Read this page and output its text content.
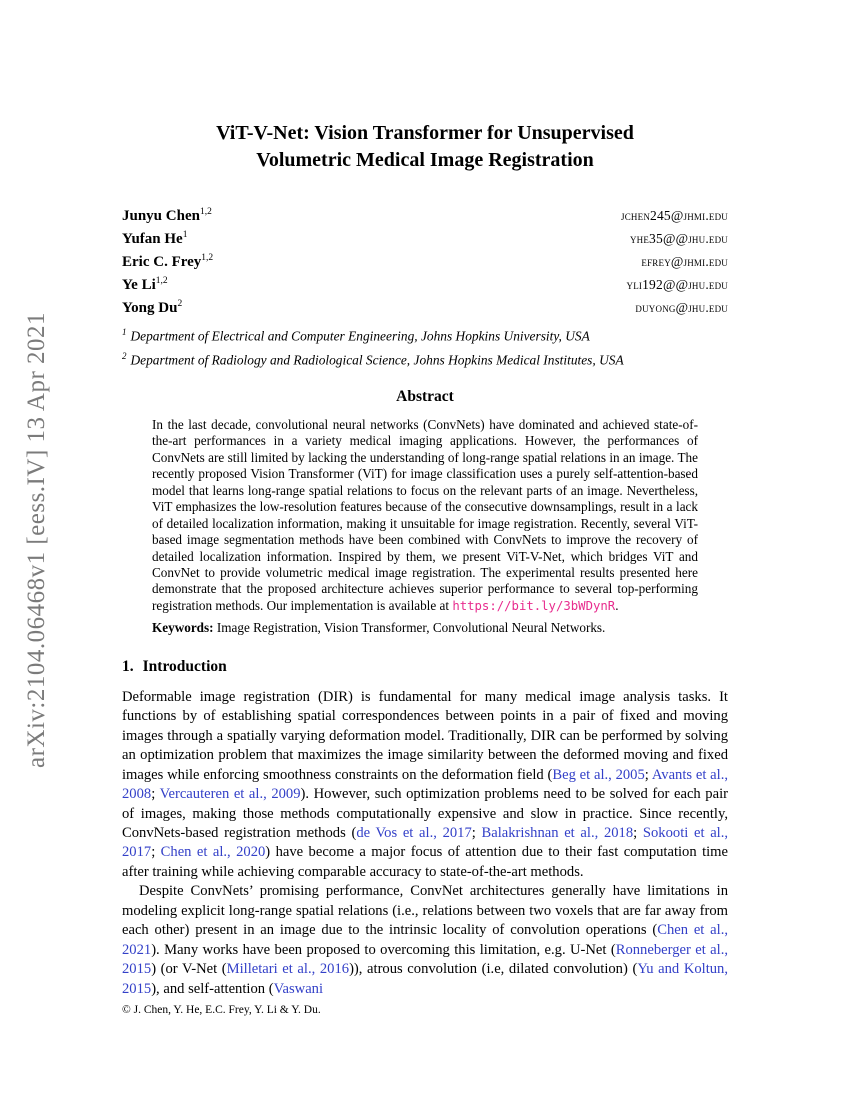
arXiv:2104.06468v1 [eess.IV] 13 Apr 2021
ViT-V-Net: Vision Transformer for Unsupervised
Volumetric Medical Image Registration
Junyu Chen$^{1,2}$	jchen245@jhmi.edu
Yufan He$^1$	yhe35@@jhu.edu
Eric C. Frey$^{1,2}$	efrey@jhmi.edu
Ye Li$^{1,2}$	yli192@@jhu.edu
Yong Du$^2$	duyong@jhu.edu
$^1$ Department of Electrical and Computer Engineering, Johns Hopkins University, USA
$^2$ Department of Radiology and Radiological Science, Johns Hopkins Medical Institutes, USA
Abstract

In the last decade, convolutional neural networks (ConvNets) have dominated and achieved state-of-the-art performances in a variety medical imaging applications. However, the performances of ConvNets are still limited by lacking the understanding of long-range spatial relations in an image. The recently proposed Vision Transformer (ViT) for image classification uses a purely self-attention-based model that learns long-range spatial relations to focus on the relevant parts of an image. Nevertheless, ViT emphasizes the low-resolution features because of the consecutive downsamplings, result in a lack of detailed localization information, making it unsuitable for image registration. Recently, several ViT-based image segmentation methods have been combined with ConvNets to improve the recovery of detailed localization information. Inspired by them, we present ViT-V-Net, which bridges ViT and ConvNet to provide volumetric medical image registration. The experimental results presented here demonstrate that the proposed architecture achieves superior performance to several top-performing registration methods. Our implementation is available at https://bit.ly/3bWDynR.

Keywords: Image Registration, Vision Transformer, Convolutional Neural Networks.

1. Introduction

Deformable image registration (DIR) is fundamental for many medical image analysis tasks. It functions by of establishing spatial correspondences between points in a pair of fixed and moving images through a spatially varying deformation model. Traditionally, DIR can be performed by solving an optimization problem that maximizes the image similarity between the deformed moving and fixed images while enforcing smoothness constraints on the deformation field (Beg et al., 2005; Avants et al., 2008; Vercauteren et al., 2009). However, such optimization problems need to be solved for each pair of images, making those methods computationally expensive and slow in practice. Since recently, ConvNets-based registration methods (de Vos et al., 2017; Balakrishnan et al., 2018; Sokooti et al., 2017; Chen et al., 2020) have become a major focus of attention due to their fast computation time after training while achieving comparable accuracy to state-of-the-art methods.

Despite ConvNets’ promising performance, ConvNet architectures generally have limitations in modeling explicit long-range spatial relations (i.e., relations between two voxels that are far away from each other) present in an image due to the intrinsic locality of convolution operations (Chen et al., 2021). Many works have been proposed to overcoming this limitation, e.g. U-Net (Ronneberger et al., 2015) (or V-Net (Milletari et al., 2016)), atrous convolution (i.e, dilated convolution) (Yu and Koltun, 2015), and self-attention (Vaswani

© J. Chen, Y. He, E.C. Frey, Y. Li & Y. Du.
